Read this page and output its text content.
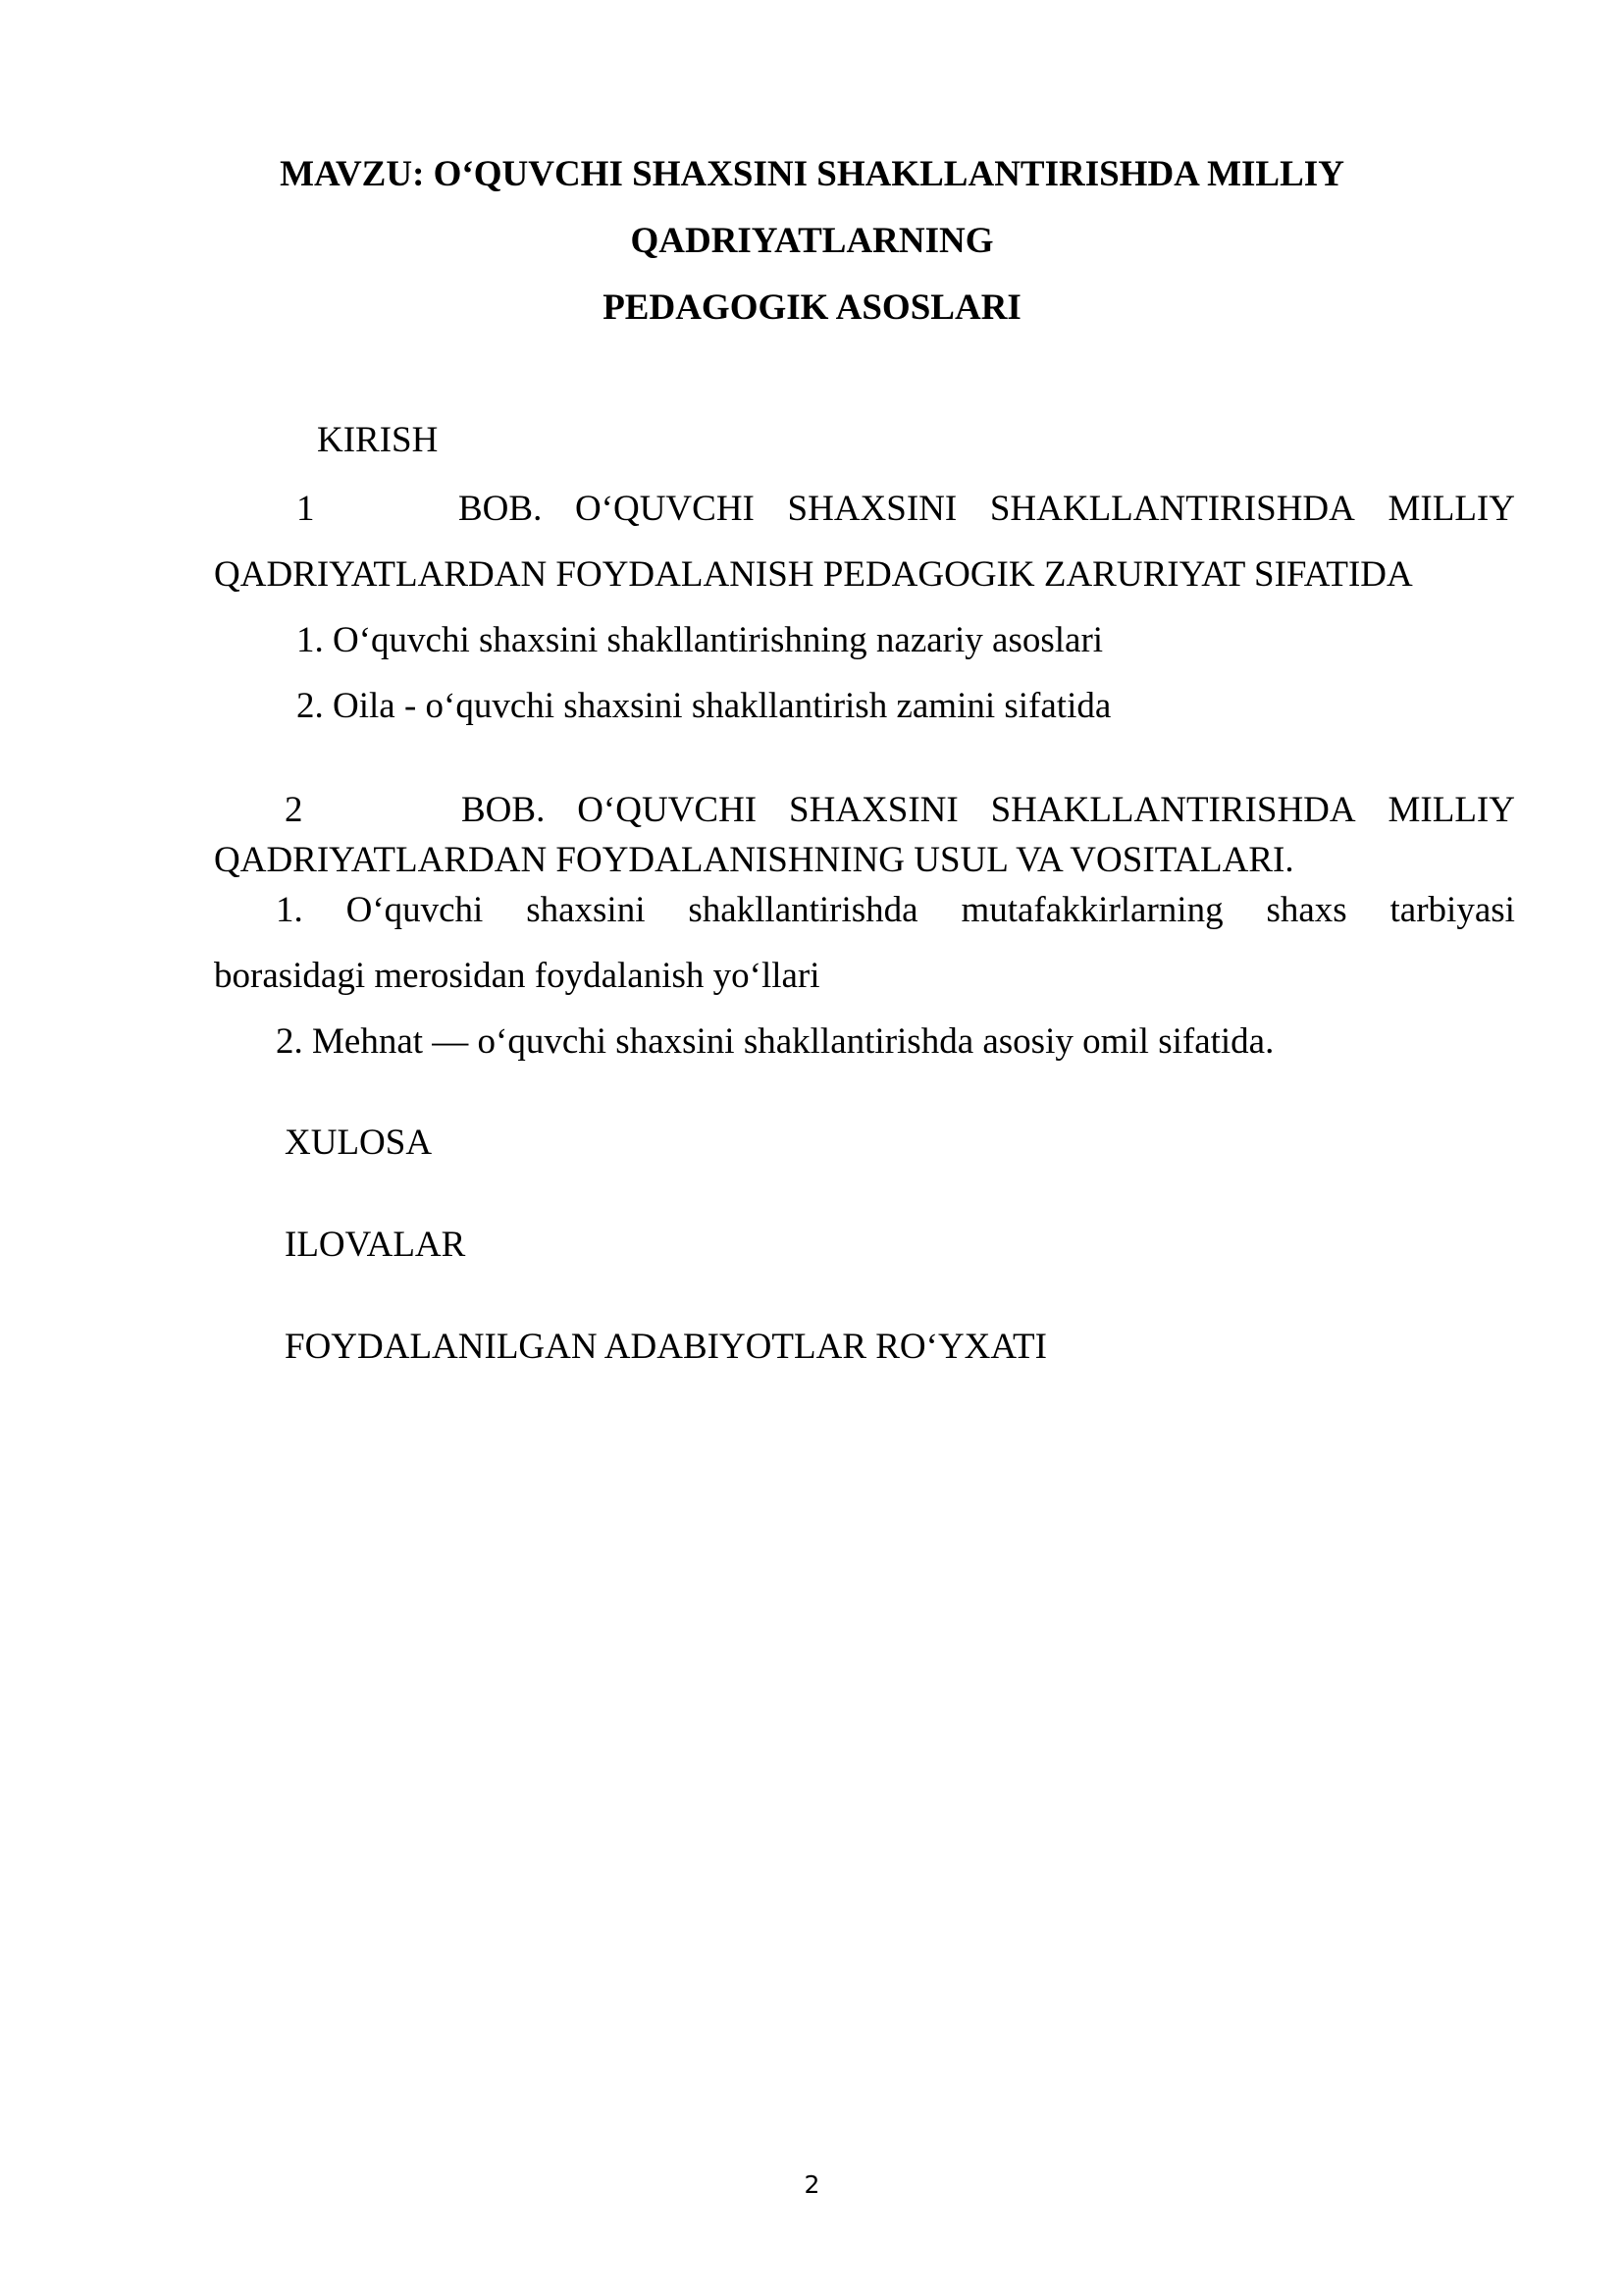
MAVZU: O‘QUVCHI SHAXSINI SHAKLLANTIRISHDA MILLIY
QADRIYATLARNING
PEDAGOGIK ASOSLARI
KIRISH
1	BOB. O‘QUVCHI SHAXSINI SHAKLLANTIRISHDA MILLIY
QADRIYATLARDAN FOYDALANISH PEDAGOGIK ZARURIYAT SIFATIDA
1. O‘quvchi shaxsini shakllantirishning nazariy asoslari
2. Oila - o‘quvchi shaxsini shakllantirish zamini sifatida
2	BOB. O‘QUVCHI SHAXSINI SHAKLLANTIRISHDA MILLIY
QADRIYATLARDAN FOYDALANISHNING USUL VA VOSITALARI.
1. O‘quvchi shaxsini shakllantirishda mutafakkirlarning shaxs tarbiyasi
borasidagi merosidan foydalanish yo‘llari
2. Mehnat — o‘quvchi shaxsini shakllantirishda asosiy omil sifatida.
XULOSA
ILOVALAR
FOYDALANILGAN ADABIYOTLAR RO‘YXATI
2
